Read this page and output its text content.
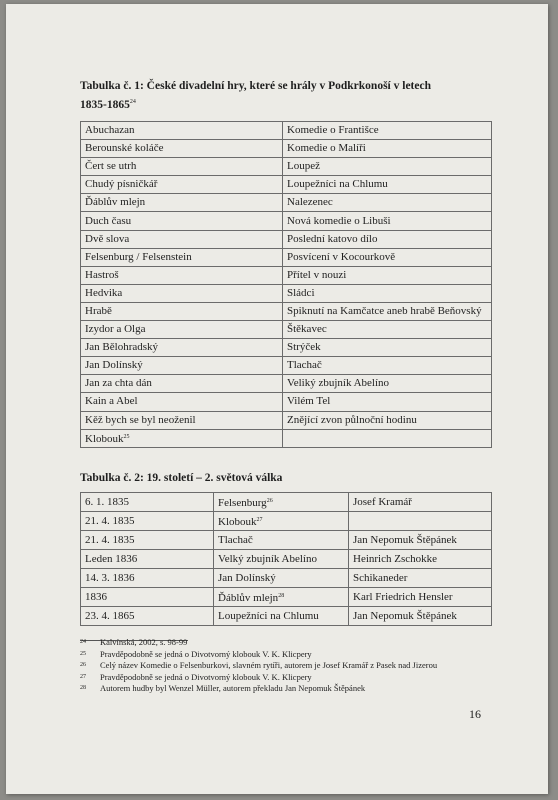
Tabulka č. 1: České divadelní hry, které se hrály v Podkrkonoší v letech
1835-1865$^{24}$
Abuchazan	Komedie o Františce
Berounské koláče	Komedie o Malíři
Čert se utrh	Loupež
Chudý písničkář	Loupežníci na Chlumu
Ďáblův mlejn	Nalezenec
Duch času	Nová komedie o Libuši
Dvě slova	Poslední katovo dílo
Felsenburg / Felsenstein	Posvícení v Kocourkově
Hastroš	Přítel v nouzi
Hedvika	Sládci
Hrabě	Spiknutí na Kamčatce aneb hrabě Beňovský
Izydor a Olga	Štěkavec
Jan Bělohradský	Strýček
Jan Dolínský	Tlachač
Jan za chta dán	Veliký zbujník Abelíno
Kain a Abel	Vilém Tel
Kěž bych se byl neoženil	Znějící zvon půlnoční hodinu
Klobouk$^{25}$	
Tabulka č. 2: 19. století – 2. světová válka
6. 1. 1835	Felsenburg$^{26}$	Josef Kramář
21. 4. 1835	Klobouk$^{27}$	
21. 4. 1835	Tlachač	Jan Nepomuk Štěpánek
Leden 1836	Velký zbujník Abelíno	Heinrich Zschokke
14. 3. 1836	Jan Dolínský	Schikaneder
1836	Ďáblův mlejn$^{28}$	Karl Friedrich Hensler
23. 4. 1865	Loupežníci na Chlumu	Jan Nepomuk Štěpánek
24 Kalvínská, 2002, s. 98-99
25 Pravděpodobně se jedná o Divotvorný klobouk V. K. Klicpery
26 Celý název Komedie o Felsenburkovi, slavném rytíři, autorem je Josef Kramář z Pasek nad Jizerou
27 Pravděpodobně se jedná o Divotvorný klobouk V. K. Klicpery
28 Autorem hudby byl Wenzel Müller, autorem překladu Jan Nepomuk Štěpánek
16
